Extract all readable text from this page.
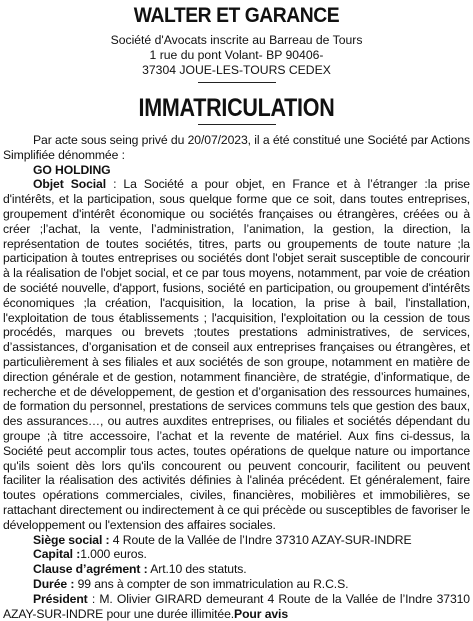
WALTER ET GARANCE
Société d'Avocats inscrite au Barreau de Tours
1 rue du pont Volant- BP 90406-
37304 JOUE-LES-TOURS CEDEX
IMMATRICULATION

Par acte sous seing privé du 20/07/2023, il a été constitué une Société par Actions Simplifiée dénommée :

GO HOLDING

Objet Social : La Société a pour objet, en France et à l’étranger :la prise d'intérêts, et la participation, sous quelque forme que ce soit, dans toutes entreprises, groupement d'intérêt économique ou sociétés françaises ou étrangères, créées ou à créer ;l’achat, la vente, l’administration, l’animation, la gestion, la direction, la représentation de toutes sociétés, titres, parts ou groupements de toute nature ;la participation à toutes entreprises ou sociétés dont l'objet serait susceptible de concourir à la réalisation de l'objet social, et ce par tous moyens, notamment, par voie de création de société nouvelle, d'apport, fusions, société en participation, ou groupement d'intérêts économiques ;la création, l'acquisition, la location, la prise à bail, l'installation, l'exploitation de tous établissements ; l'acquisition, l'exploitation ou la cession de tous procédés, marques ou brevets ;toutes prestations administratives, de services, d’assistances, d’organisation et de conseil aux entreprises françaises ou étrangères, et particulièrement à ses filiales et aux sociétés de son groupe, notamment en matière de direction générale et de gestion, notamment financière, de stratégie, d’informatique, de recherche et de développement, de gestion et d’organisation des ressources humaines, de formation du personnel, prestations de services communs tels que gestion des baux, des assurances…, ou autres auxdites entreprises, ou filiales et sociétés dépendant du groupe ;à titre accessoire, l’achat et la revente de matériel. Aux fins ci-dessus, la Société peut accomplir tous actes, toutes opérations de quelque nature ou importance qu'ils soient dès lors qu'ils concourent ou peuvent concourir, facilitent ou peuvent faciliter la réalisation des activités définies à l'alinéa précédent. Et généralement, faire toutes opérations commerciales, civiles, financières, mobilières et immobilières, se rattachant directement ou indirectement à ce qui précède ou susceptibles de favoriser le développement ou l'extension des affaires sociales.

Siège social : 4 Route de la Vallée de l’Indre 37310 AZAY-SUR-INDRE

Capital :1.000 euros.

Clause d’agrément : Art.10 des statuts.

Durée : 99 ans à compter de son immatriculation au R.C.S.

Président : M. Olivier GIRARD demeurant 4 Route de la Vallée de l’Indre 37310 AZAY-SUR-INDRE pour une durée illimitée.Pour avis
